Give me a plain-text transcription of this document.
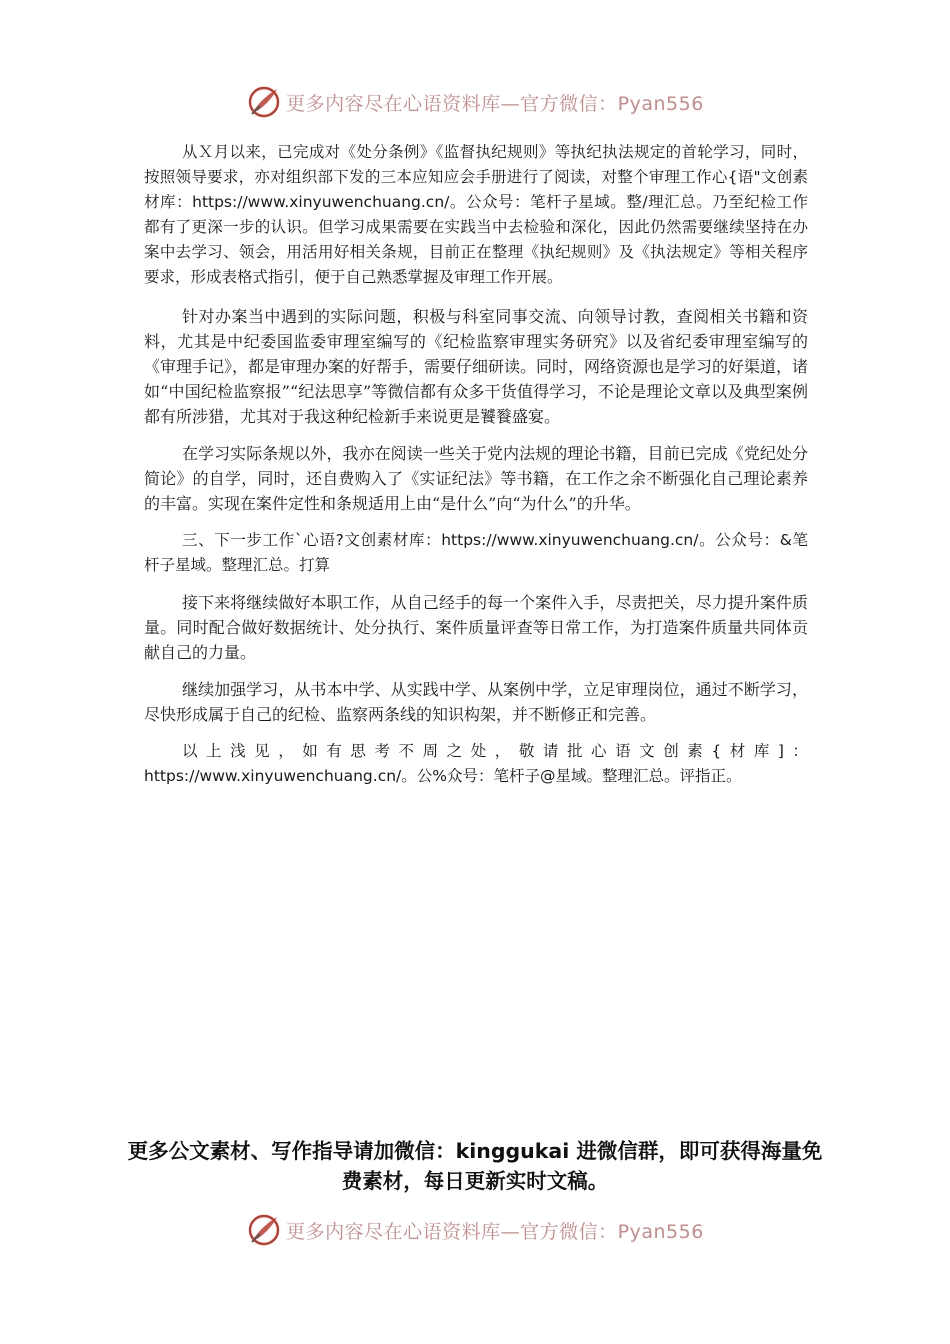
更多内容尽在心语资料库—官方微信：Pyan556

从Ｘ月以来，已完成对《处分条例》《监督执纪规则》等执纪执法规定的首轮学习，同时，按照领导要求，亦对组织部下发的三本应知应会手册进行了阅读，对整个审理工作心{语"文创素材库：https://www.xinyuwenchuang.cn/。公众号：笔杆子星域。整/理汇总。乃至纪检工作都有了更深一步的认识。但学习成果需要在实践当中去检验和深化，因此仍然需要继续坚持在办案中去学习、领会，用活用好相关条规，目前正在整理《执纪规则》及《执法规定》等相关程序要求，形成表格式指引，便于自己熟悉掌握及审理工作开展。

针对办案当中遇到的实际问题，积极与科室同事交流、向领导讨教，查阅相关书籍和资料，尤其是中纪委国监委审理室编写的《纪检监察审理实务研究》以及省纪委审理室编写的《审理手记》，都是审理办案的好帮手，需要仔细研读。同时，网络资源也是学习的好渠道，诸如“中国纪检监察报”“纪法思享”等微信都有众多干货值得学习，不论是理论文章以及典型案例都有所涉猎，尤其对于我这种纪检新手来说更是饕餮盛宴。

在学习实际条规以外，我亦在阅读一些关于党内法规的理论书籍，目前已完成《党纪处分简论》的自学，同时，还自费购入了《实证纪法》等书籍，在工作之余不断强化自己理论素养的丰富。实现在案件定性和条规适用上由“是什么”向“为什么”的升华。

三、下一步工作`心语?文创素材库：https://www.xinyuwenchuang.cn/。公众号：&笔杆子星域。整理汇总。打算

接下来将继续做好本职工作，从自己经手的每一个案件入手，尽责把关，尽力提升案件质量。同时配合做好数据统计、处分执行、案件质量评查等日常工作，为打造案件质量共同体贡献自己的力量。

继续加强学习，从书本中学、从实践中学、从案例中学，立足审理岗位，通过不断学习，尽快形成属于自己的纪检、监察两条线的知识构架，并不断修正和完善。

以上浅见，如有思考不周之处，敬请批心语文创素{材库]：https://www.xinyuwenchuang.cn/。公%众号：笔杆子@星域。整理汇总。评指正。

更多公文素材、写作指导请加微信：kinggukai 进微信群，即可获得海量免费素材，每日更新实时文稿。
更多内容尽在心语资料库—官方微信：Pyan556
